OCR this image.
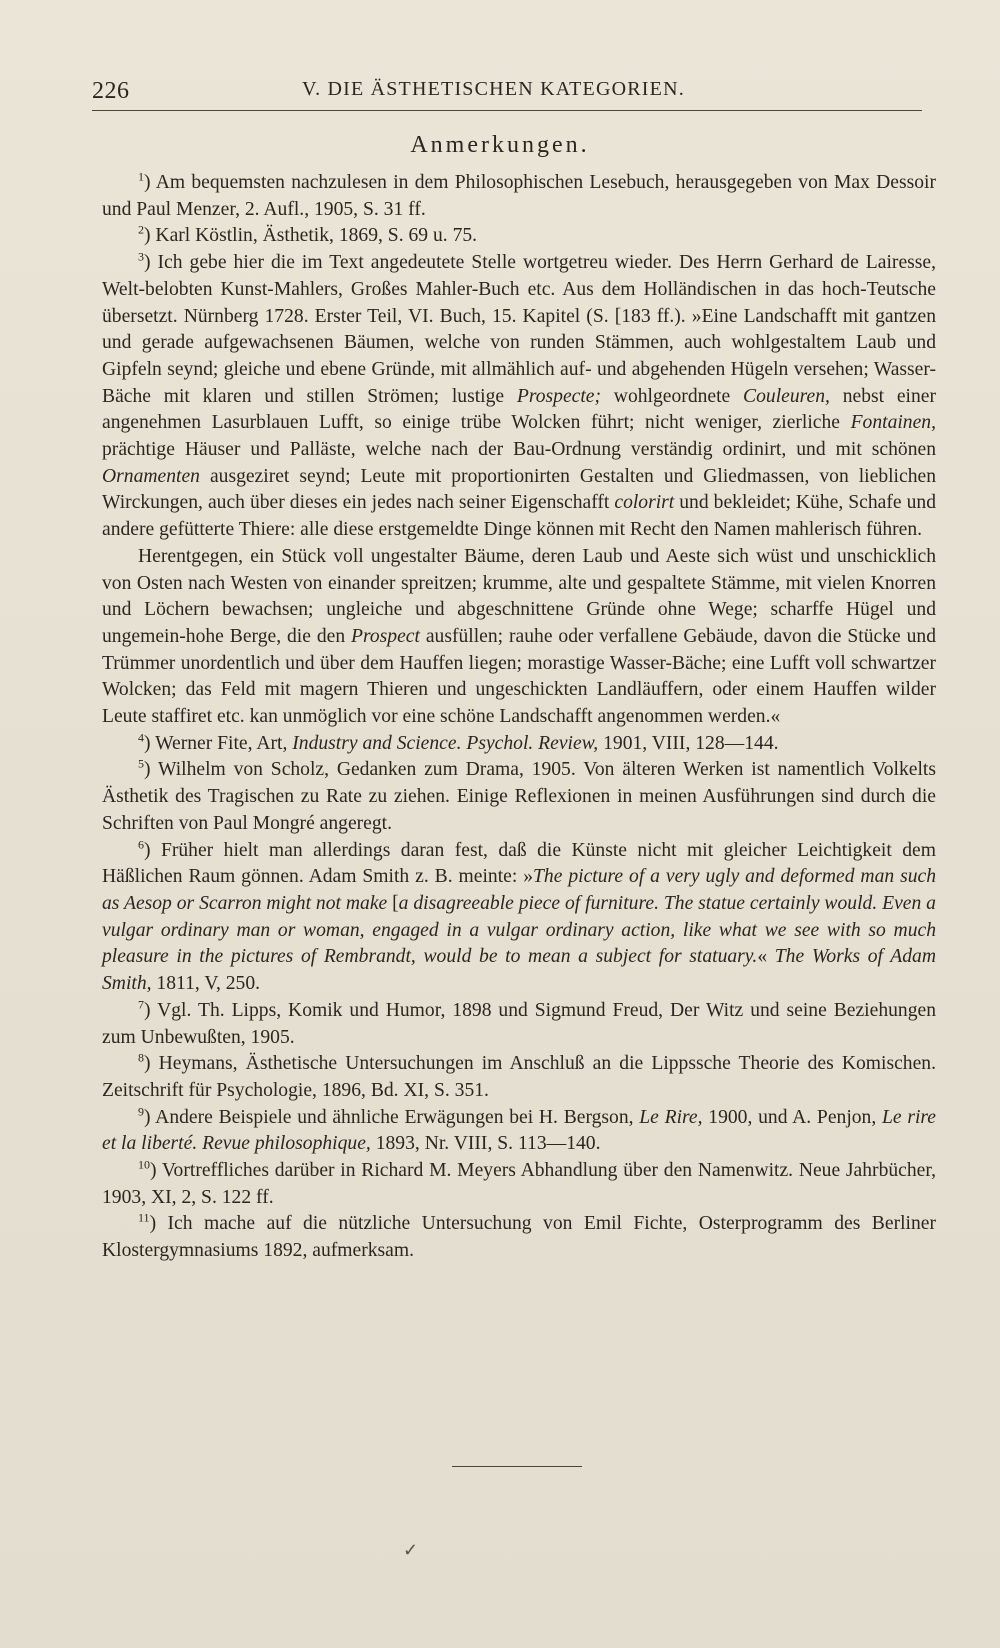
226	V. DIE ÄSTHETISCHEN KATEGORIEN.
Anmerkungen.

$^1$) Am bequemsten nachzulesen in dem Philosophischen Lesebuch, herausgegeben von Max Dessoir und Paul Menzer, 2. Aufl., 1905, S. 31 ff.

$^2$) Karl Köstlin, Ästhetik, 1869, S. 69 u. 75.

$^3$) Ich gebe hier die im Text angedeutete Stelle wortgetreu wieder. Des Herrn Gerhard de Lairesse, Welt-belobten Kunst-Mahlers, Großes Mahler-Buch etc. Aus dem Holländischen in das hoch-Teutsche übersetzt. Nürnberg 1728. Erster Teil, VI. Buch, 15. Kapitel (S. [183 ff.). »Eine Landschafft mit gantzen und gerade aufgewachsenen Bäumen, welche von runden Stämmen, auch wohlgestaltem Laub und Gipfeln seynd; gleiche und ebene Gründe, mit allmählich auf- und abgehenden Hügeln versehen; Wasser-Bäche mit klaren und stillen Strömen; lustige Prospecte; wohlgeordnete Couleuren, nebst einer angenehmen Lasurblauen Lufft, so einige trübe Wolcken führt; nicht weniger, zierliche Fontainen, prächtige Häuser und Palläste, welche nach der Bau-Ordnung verständig ordinirt, und mit schönen Ornamenten ausgeziret seynd; Leute mit proportionirten Gestalten und Gliedmassen, von lieblichen Wirckungen, auch über dieses ein jedes nach seiner Eigenschafft colorirt und bekleidet; Kühe, Schafe und andere gefütterte Thiere: alle diese erstgemeldte Dinge können mit Recht den Namen mahlerisch führen.

Herentgegen, ein Stück voll ungestalter Bäume, deren Laub und Aeste sich wüst und unschicklich von Osten nach Westen von einander spreitzen; krumme, alte und gespaltete Stämme, mit vielen Knorren und Löchern bewachsen; ungleiche und abgeschnittene Gründe ohne Wege; scharffe Hügel und ungemein-hohe Berge, die den Prospect ausfüllen; rauhe oder verfallene Gebäude, davon die Stücke und Trümmer unordentlich und über dem Hauffen liegen; morastige Wasser-Bäche; eine Lufft voll schwartzer Wolcken; das Feld mit magern Thieren und ungeschickten Landläuffern, oder einem Hauffen wilder Leute staffiret etc. kan unmöglich vor eine schöne Landschafft angenommen werden.«

$^4$) Werner Fite, Art, Industry and Science. Psychol. Review, 1901, VIII, 128—144.

$^5$) Wilhelm von Scholz, Gedanken zum Drama, 1905. Von älteren Werken ist namentlich Volkelts Ästhetik des Tragischen zu Rate zu ziehen. Einige Reflexionen in meinen Ausführungen sind durch die Schriften von Paul Mongré angeregt.

$^6$) Früher hielt man allerdings daran fest, daß die Künste nicht mit gleicher Leichtigkeit dem Häßlichen Raum gönnen. Adam Smith z. B. meinte: »The picture of a very ugly and deformed man such as Aesop or Scarron might not make [a disagreeable piece of furniture. The statue certainly would. Even a vulgar ordinary man or woman, engaged in a vulgar ordinary action, like what we see with so much pleasure in the pictures of Rembrandt, would be to mean a subject for statuary.« The Works of Adam Smith, 1811, V, 250.

$^7$) Vgl. Th. Lipps, Komik und Humor, 1898 und Sigmund Freud, Der Witz und seine Beziehungen zum Unbewußten, 1905.

$^8$) Heymans, Ästhetische Untersuchungen im Anschluß an die Lippssche Theorie des Komischen. Zeitschrift für Psychologie, 1896, Bd. XI, S. 351.

$^9$) Andere Beispiele und ähnliche Erwägungen bei H. Bergson, Le Rire, 1900, und A. Penjon, Le rire et la liberté. Revue philosophique, 1893, Nr. VIII, S. 113—140.

$^{10}$) Vortreffliches darüber in Richard M. Meyers Abhandlung über den Namenwitz. Neue Jahrbücher, 1903, XI, 2, S. 122 ff.

$^{11}$) Ich mache auf die nützliche Untersuchung von Emil Fichte, Osterprogramm des Berliner Klostergymnasiums 1892, aufmerksam.

✓
